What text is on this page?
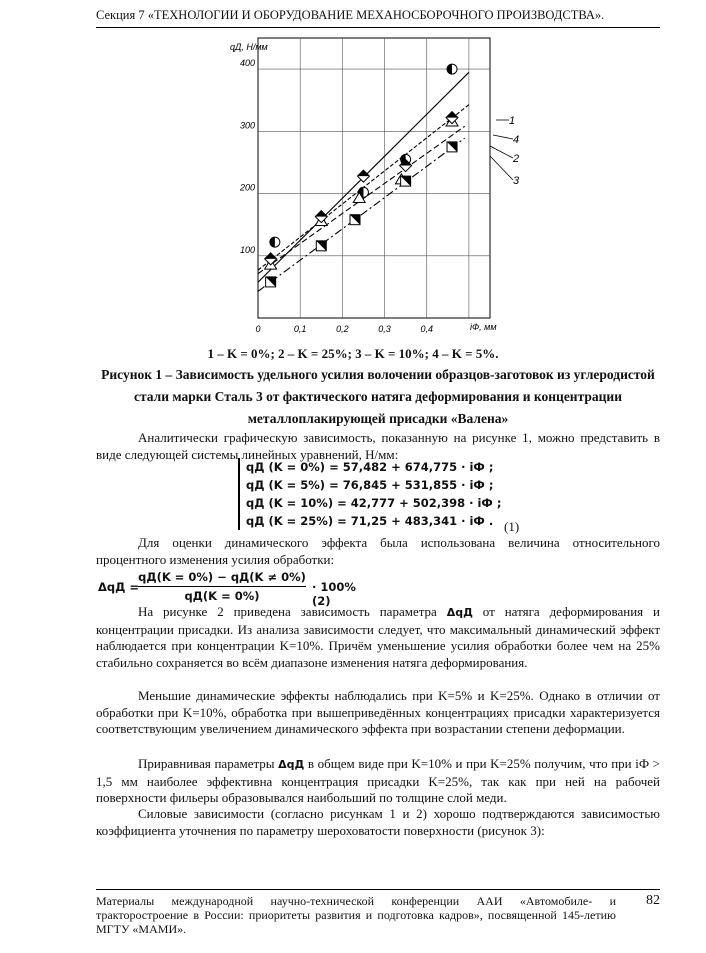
Секция 7 «ТЕХНОЛОГИИ И ОБОРУДОВАНИЕ МЕХАНОСБОРОЧНОГО ПРОИЗВОДСТВА».
0	0,1	0,2	0,3	0,4
100
200
300
400
qД, Н/мм
iФ, мм
1
4
2
3
1 – K = 0%; 2 – K = 25%; 3 – K = 10%; 4 – K = 5%.
Рисунок 1 – Зависимость удельного усилия волочении образцов-заготовок из углеродистой стали марки Сталь 3 от фактического натяга деформирования и концентрации металлоплакирующей присадки «Валена»
Аналитически графическую зависимость, показанную на рисунке 1, можно представить в виде следующей системы линейных уравнений, Н/мм:
qД (K = 0%) = 57,482 + 674,775 · iФ ;
qД (K = 5%) = 76,845 + 531,855 · iФ ;
qД (K = 10%) = 42,777 + 502,398 · iФ ;
qД (K = 25%) = 71,25 + 483,341 · iФ . (1)
Для оценки динамического эффекта была использована величина относительного процентного изменения усилия обработки:
ΔqД =
qД(K = 0%) − qД(K ≠ 0%)
qД(K = 0%)
· 100% (2)
На рисунке 2 приведена зависимость параметра ΔqД от натяга деформирования и концентрации присадки. Из анализа зависимости следует, что максимальный динамический эффект наблюдается при концентрации K=10%. Причём уменьшение усилия обработки более чем на 25% стабильно сохраняется во всём диапазоне изменения натяга деформирования.
Меньшие динамические эффекты наблюдались при K=5% и K=25%. Однако в отличии от обработки при K=10%, обработка при вышеприведённых концентрациях присадки характеризуется соответствующим увеличением динамического эффекта при возрастании степени деформации.
Приравнивая параметры ΔqД в общем виде при K=10% и при K=25% получим, что при iФ > 1,5 мм наиболее эффективна концентрация присадки K=25%, так как при ней на рабочей поверхности фильеры образовывался наибольший по толщине слой меди.
Силовые зависимости (согласно рисункам 1 и 2) хорошо подтверждаются зависимостью коэффициента уточнения по параметру шероховатости поверхности (рисунок 3):
Материалы международной научно-технической конференции ААИ «Автомобиле- и тракторостроение в России: приоритеты развития и подготовка кадров», посвященной 145-летию МГТУ «МАМИ».
82
